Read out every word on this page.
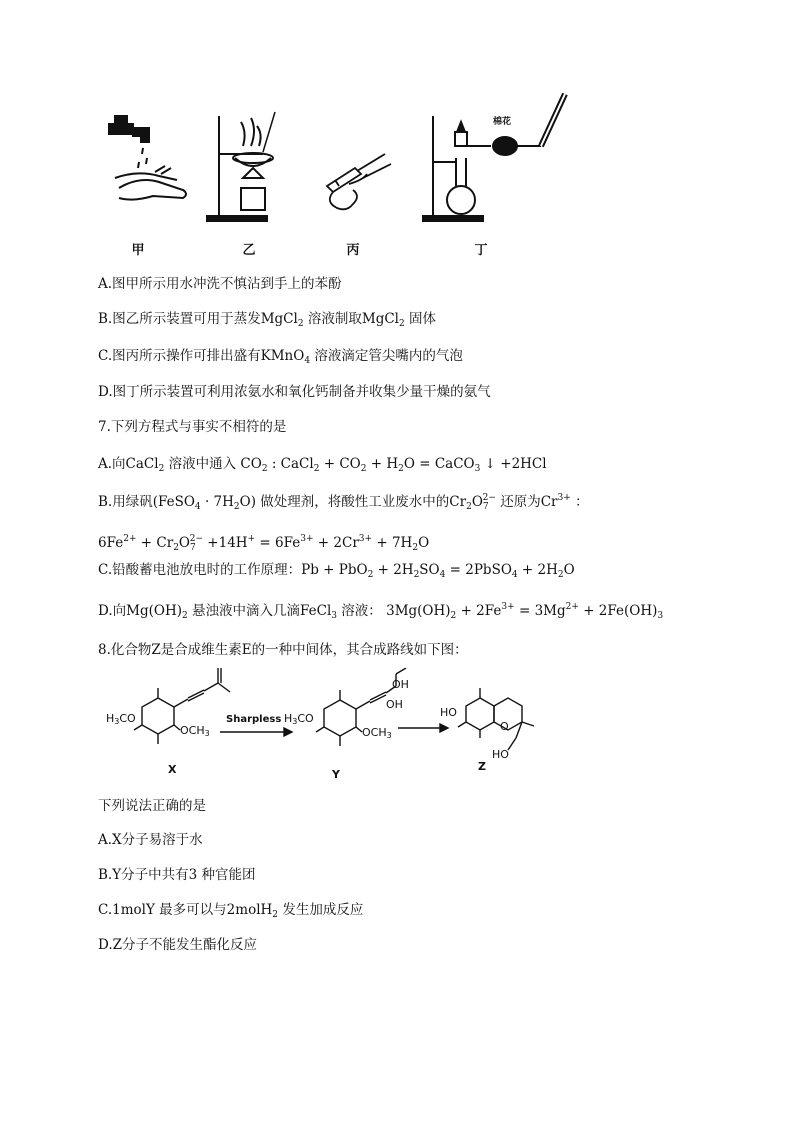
棉花
甲	乙	丙	丁
A.图甲所示用水冲洗不慎沾到手上的苯酚
B.图乙所示装置可用于蒸发MgCl$_2$ 溶液制取MgCl$_2$ 固体
C.图丙所示操作可排出盛有KMnO$_4$ 溶液滴定管尖嘴内的气泡
D.图丁所示装置可利用浓氨水和氧化钙制备并收集少量干燥的氨气
7.下列方程式与事实不相符的是
A.向CaCl$_2$ 溶液中通入 $CO_2$ : CaCl$_2$ + $CO_2 + H_2O$ = CaCO$_3$ ↓ +2HCl
B.用绿矾(FeSO$_4$ · $7H_2O$) 做处理剂，将酸性工业废水中的$Cr_2O_7^{2-}$ 还原为$Cr^{3+}$ ：
$6Fe^{2+} + Cr_2O_7^{2-} +14H^+ = 6Fe^{3+} + 2Cr^{3+} + 7H_2O$
C.铅酸蓄电池放电时的工作原理：$Pb + PbO_2 + 2H_2SO_4$ = 2PbSO$_4$ + $2H_2O$
D.向$Mg(OH)_2$ 悬浊液中滴入几滴FeCl$_3$ 溶液： $3Mg(OH)_2 + 2Fe^{3+} = 3Mg^{2+} + 2Fe(OH)_3$
8.化合物Z是合成维生素E的一种中间体，其合成路线如下图：
$H_3CO$
$OCH_3$
$H_3CO$
$OCH_3$
OH
OH
HO
O
HO
Sharpless
X	Y
Z
下列说法正确的是
A.X分子易溶于水
B.Y分子中共有3 种官能团
C.1molY 最多可以与2molH$_2$ 发生加成反应
D.Z分子不能发生酯化反应
